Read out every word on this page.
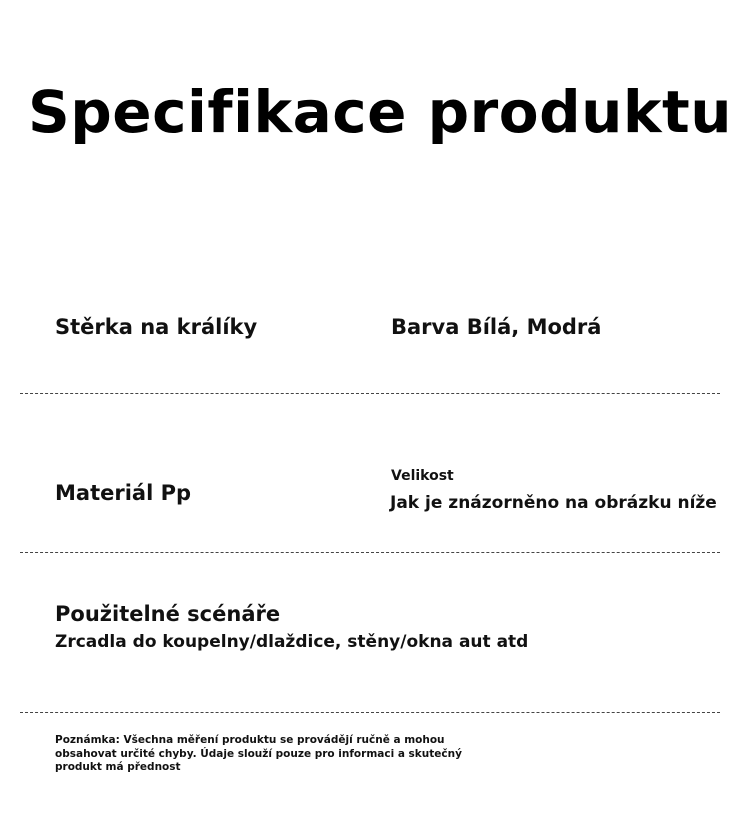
Specifikace produktu
Stěrka na králíky	Barva Bílá, Modrá
Materiál Pp
Velikost
Jak je znázorněno na obrázku níže
Použitelné scénáře
Zrcadla do koupelny/dlaždice, stěny/okna aut atd
Poznámka: Všechna měření produktu se provádějí ručně a mohou obsahovat určité chyby. Údaje slouží pouze pro informaci a skutečný produkt má přednost
